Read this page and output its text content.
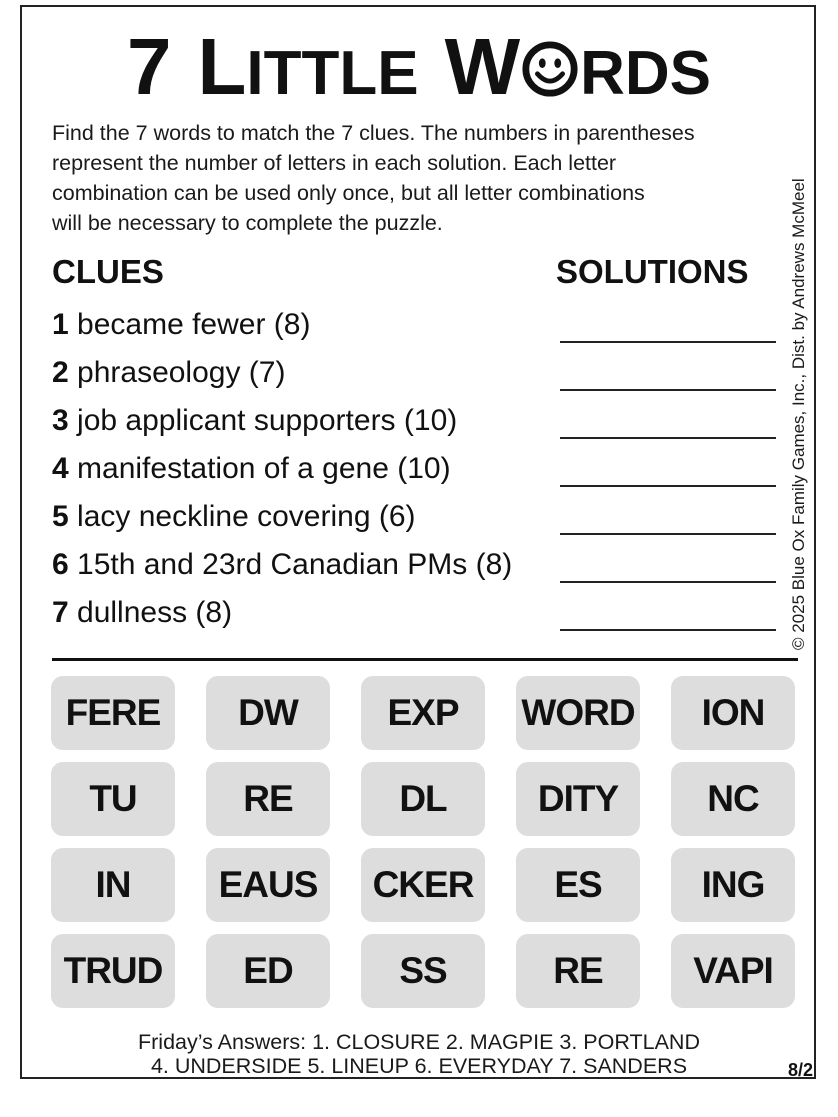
7 L ITTLE W RDS
Find the 7 words to match the 7 clues. The numbers in parentheses
represent the number of letters in each solution. Each letter
combination can be used only once, but all letter combinations
will be necessary to complete the puzzle.	© 2025 Blue Ox Family Games, Inc., Dist. by Andrews McMeel
CLUES	SOLUTIONS
1 became fewer (8)
2 phraseology (7)
3 job applicant supporters (10)
4 manifestation of a gene (10)
5 lacy neckline covering (6)
6 15th and 23rd Canadian PMs (8)
7 dullness (8)
FERE	DW	EXP	WORD	ION
TU	RE	DL	DITY	NC
IN	EAUS	CKER	ES	ING
TRUD	ED	SS	RE	VAPI
Friday’s Answers: 1. CLOSURE 2. MAGPIE 3. PORTLAND
4. UNDERSIDE 5. LINEUP 6. EVERYDAY 7. SANDERS	8/2
